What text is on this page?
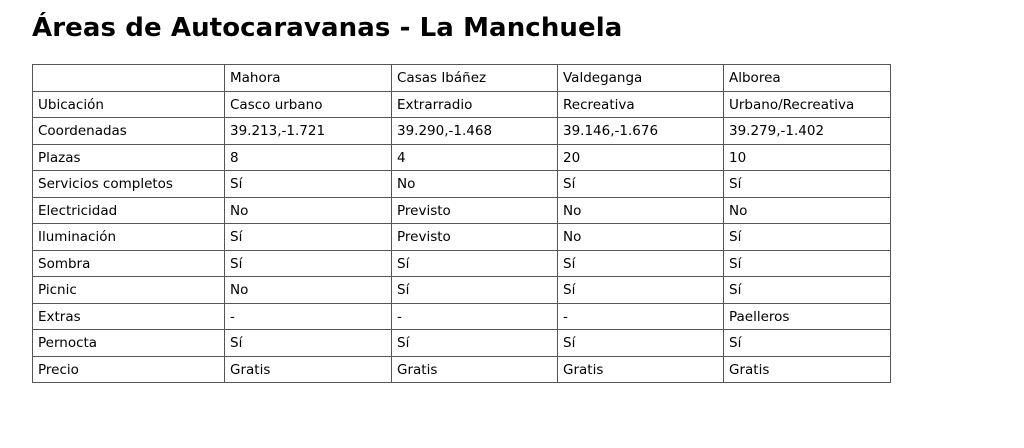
Áreas de Autocaravanas - La Manchuela
	Mahora	Casas Ibáñez	Valdeganga	Alborea
Ubicación	Casco urbano	Extrarradio	Recreativa	Urbano/Recreativa
Coordenadas	39.213,-1.721	39.290,-1.468	39.146,-1.676	39.279,-1.402
Plazas	8	4	20	10
Servicios completos	Sí	No	Sí	Sí
Electricidad	No	Previsto	No	No
Iluminación	Sí	Previsto	No	Sí
Sombra	Sí	Sí	Sí	Sí
Picnic	No	Sí	Sí	Sí
Extras	-	-	-	Paelleros
Pernocta	Sí	Sí	Sí	Sí
Precio	Gratis	Gratis	Gratis	Gratis
